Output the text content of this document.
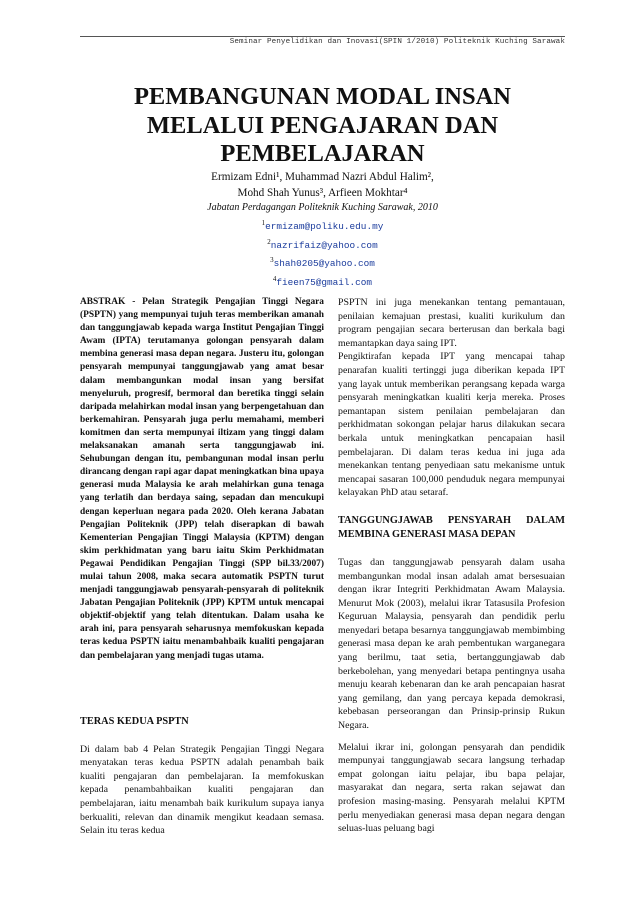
Seminar Penyelidikan dan Inovasi(SPIN 1/2010) Politeknik Kuching Sarawak
PEMBANGUNAN MODAL INSAN
MELALUI PENGAJARAN DAN
PEMBELAJARAN
Ermizam Edni¹, Muhammad Nazri Abdul Halim²,
Mohd Shah Yunus³, Arfieen Mokhtar⁴
Jabatan Perdagangan Politeknik Kuching Sarawak, 2010
$^1$ermizam@poliku.edu.my
$^2$nazrifaiz@yahoo.com
$^3$shah0205@yahoo.com
$^4$fieen75@gmail.com

ABSTRAK - Pelan Strategik Pengajian Tinggi Negara (PSPTN) yang mempunyai tujuh teras memberikan amanah dan tanggungjawab kepada warga Institut Pengajian Tinggi Awam (IPTA) terutamanya golongan pensyarah dalam membina generasi masa depan negara. Justeru itu, golongan pensyarah mempunyai tanggungjawab yang amat besar dalam membangunkan modal insan yang bersifat menyeluruh, progresif, bermoral dan beretika tinggi selain daripada melahirkan modal insan yang berpengetahuan dan berkemahiran. Pensyarah juga perlu memahami, memberi komitmen dan serta mempunyai iltizam yang tinggi dalam melaksanakan amanah serta tanggungjawab ini. Sehubungan dengan itu, pembangunan modal insan perlu dirancang dengan rapi agar dapat meningkatkan bina upaya generasi muda Malaysia ke arah melahirkan guna tenaga yang terlatih dan berdaya saing, sepadan dan mencukupi dengan keperluan negara pada 2020. Oleh kerana Jabatan Pengajian Politeknik (JPP) telah diserapkan di bawah Kementerian Pengajian Tinggi Malaysia (KPTM) dengan skim perkhidmatan yang baru iaitu Skim Perkhidmatan Pegawai Pendidikan Pengajian Tinggi (SPP bil.33/2007) mulai tahun 2008, maka secara automatik PSPTN turut menjadi tanggungjawab pensyarah-pensyarah di politeknik Jabatan Pengajian Politeknik (JPP) KPTM untuk mencapai objektif-objektif yang telah ditentukan. Dalam usaha ke arah ini, para pensyarah seharusnya memfokuskan kepada teras kedua PSPTN iaitu menambahbaik kualiti pengajaran dan pembelajaran yang menjadi tugas utama.

TERAS KEDUA PSPTN

Di dalam bab 4 Pelan Strategik Pengajian Tinggi Negara menyatakan teras kedua PSPTN adalah penambah baik kualiti pengajaran dan pembelajaran. Ia memfokuskan kepada penambahbaikan kualiti pengajaran dan pembelajaran, iaitu menambah baik kurikulum supaya ianya berkualiti, relevan dan dinamik mengikut keadaan semasa. Selain itu teras kedua

PSPTN ini juga menekankan tentang pemantauan, penilaian kemajuan prestasi, kualiti kurikulum dan program pengajian secara berterusan dan berkala bagi memantapkan daya saing IPT.

Pengiktirafan kepada IPT yang mencapai tahap penarafan kualiti tertinggi juga diberikan kepada IPT yang layak untuk memberikan perangsang kepada warga pensyarah meningkatkan kualiti kerja mereka. Proses pemantapan sistem penilaian pembelajaran dan perkhidmatan sokongan pelajar harus dilakukan secara berkala untuk meningkatkan pencapaian hasil pembelajaran. Di dalam teras kedua ini juga ada menekankan tentang penyediaan satu mekanisme untuk mencapai sasaran 100,000 penduduk negara mempunyai kelayakan PhD atau setaraf.

TANGGUNGJAWAB PENSYARAH DALAM MEMBINA GENERASI MASA DEPAN

Tugas dan tanggungjawab pensyarah dalam usaha membangunkan modal insan adalah amat bersesuaian dengan ikrar Integriti Perkhidmatan Awam Malaysia. Menurut Mok (2003), melalui ikrar Tatasusila Profesion Keguruan Malaysia, pensyarah dan pendidik perlu menyedari betapa besarnya tanggungjawab membimbing generasi masa depan ke arah pembentukan warganegara yang berilmu, taat setia, bertanggungjawab dab berkebolehan, yang menyedari betapa pentingnya usaha menuju kearah kebenaran dan ke arah pencapaian hasrat yang gemilang, dan yang percaya kepada demokrasi, kebebasan perseorangan dan Prinsip-prinsip Rukun Negara.

Melalui ikrar ini, golongan pensyarah dan pendidik mempunyai tanggungjawab secara langsung terhadap empat golongan iaitu pelajar, ibu bapa pelajar, masyarakat dan negara, serta rakan sejawat dan profesion masing-masing. Pensyarah melalui KPTM perlu menyediakan generasi masa depan negara dengan seluas-luas peluang bagi
